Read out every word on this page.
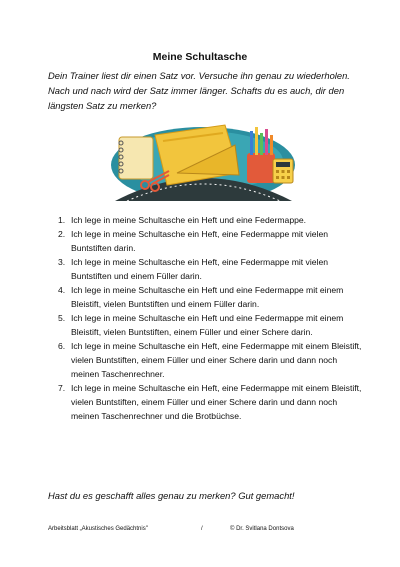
Meine Schultasche
Dein Trainer liest dir einen Satz vor. Versuche ihn genau zu wiederholen. Nach und nach wird der Satz immer länger. Schafts du es auch, dir den längsten Satz zu merken?
1. Ich lege in meine Schultasche ein Heft und eine Federmappe.
2. Ich lege in meine Schultasche ein Heft, eine Federmappe mit vielen Buntstiften darin.
3. Ich lege in meine Schultasche ein Heft, eine Federmappe mit vielen Buntstiften und einem Füller darin.
4. Ich lege in meine Schultasche ein Heft und eine Federmappe mit einem Bleistift, vielen Buntstiften und einem Füller darin.
5. Ich lege in meine Schultasche ein Heft und eine Federmappe mit einem Bleistift, vielen Buntstiften, einem Füller und einer Schere darin.
6. Ich lege in meine Schultasche ein Heft, eine Federmappe mit einem Bleistift, vielen Buntstiften, einem Füller und einer Schere darin und dann noch meinen Taschenrechner.
7. Ich lege in meine Schultasche ein Heft, eine Federmappe mit einem Bleistift, vielen Buntstiften, einem Füller und einer Schere darin und dann noch meinen Taschenrechner und die Brotbüchse.
Hast du es geschafft alles genau zu merken? Gut gemacht!
Arbeitsblatt „Akustisches Gedächtnis"	/	© Dr. Svitlana Dontsova
